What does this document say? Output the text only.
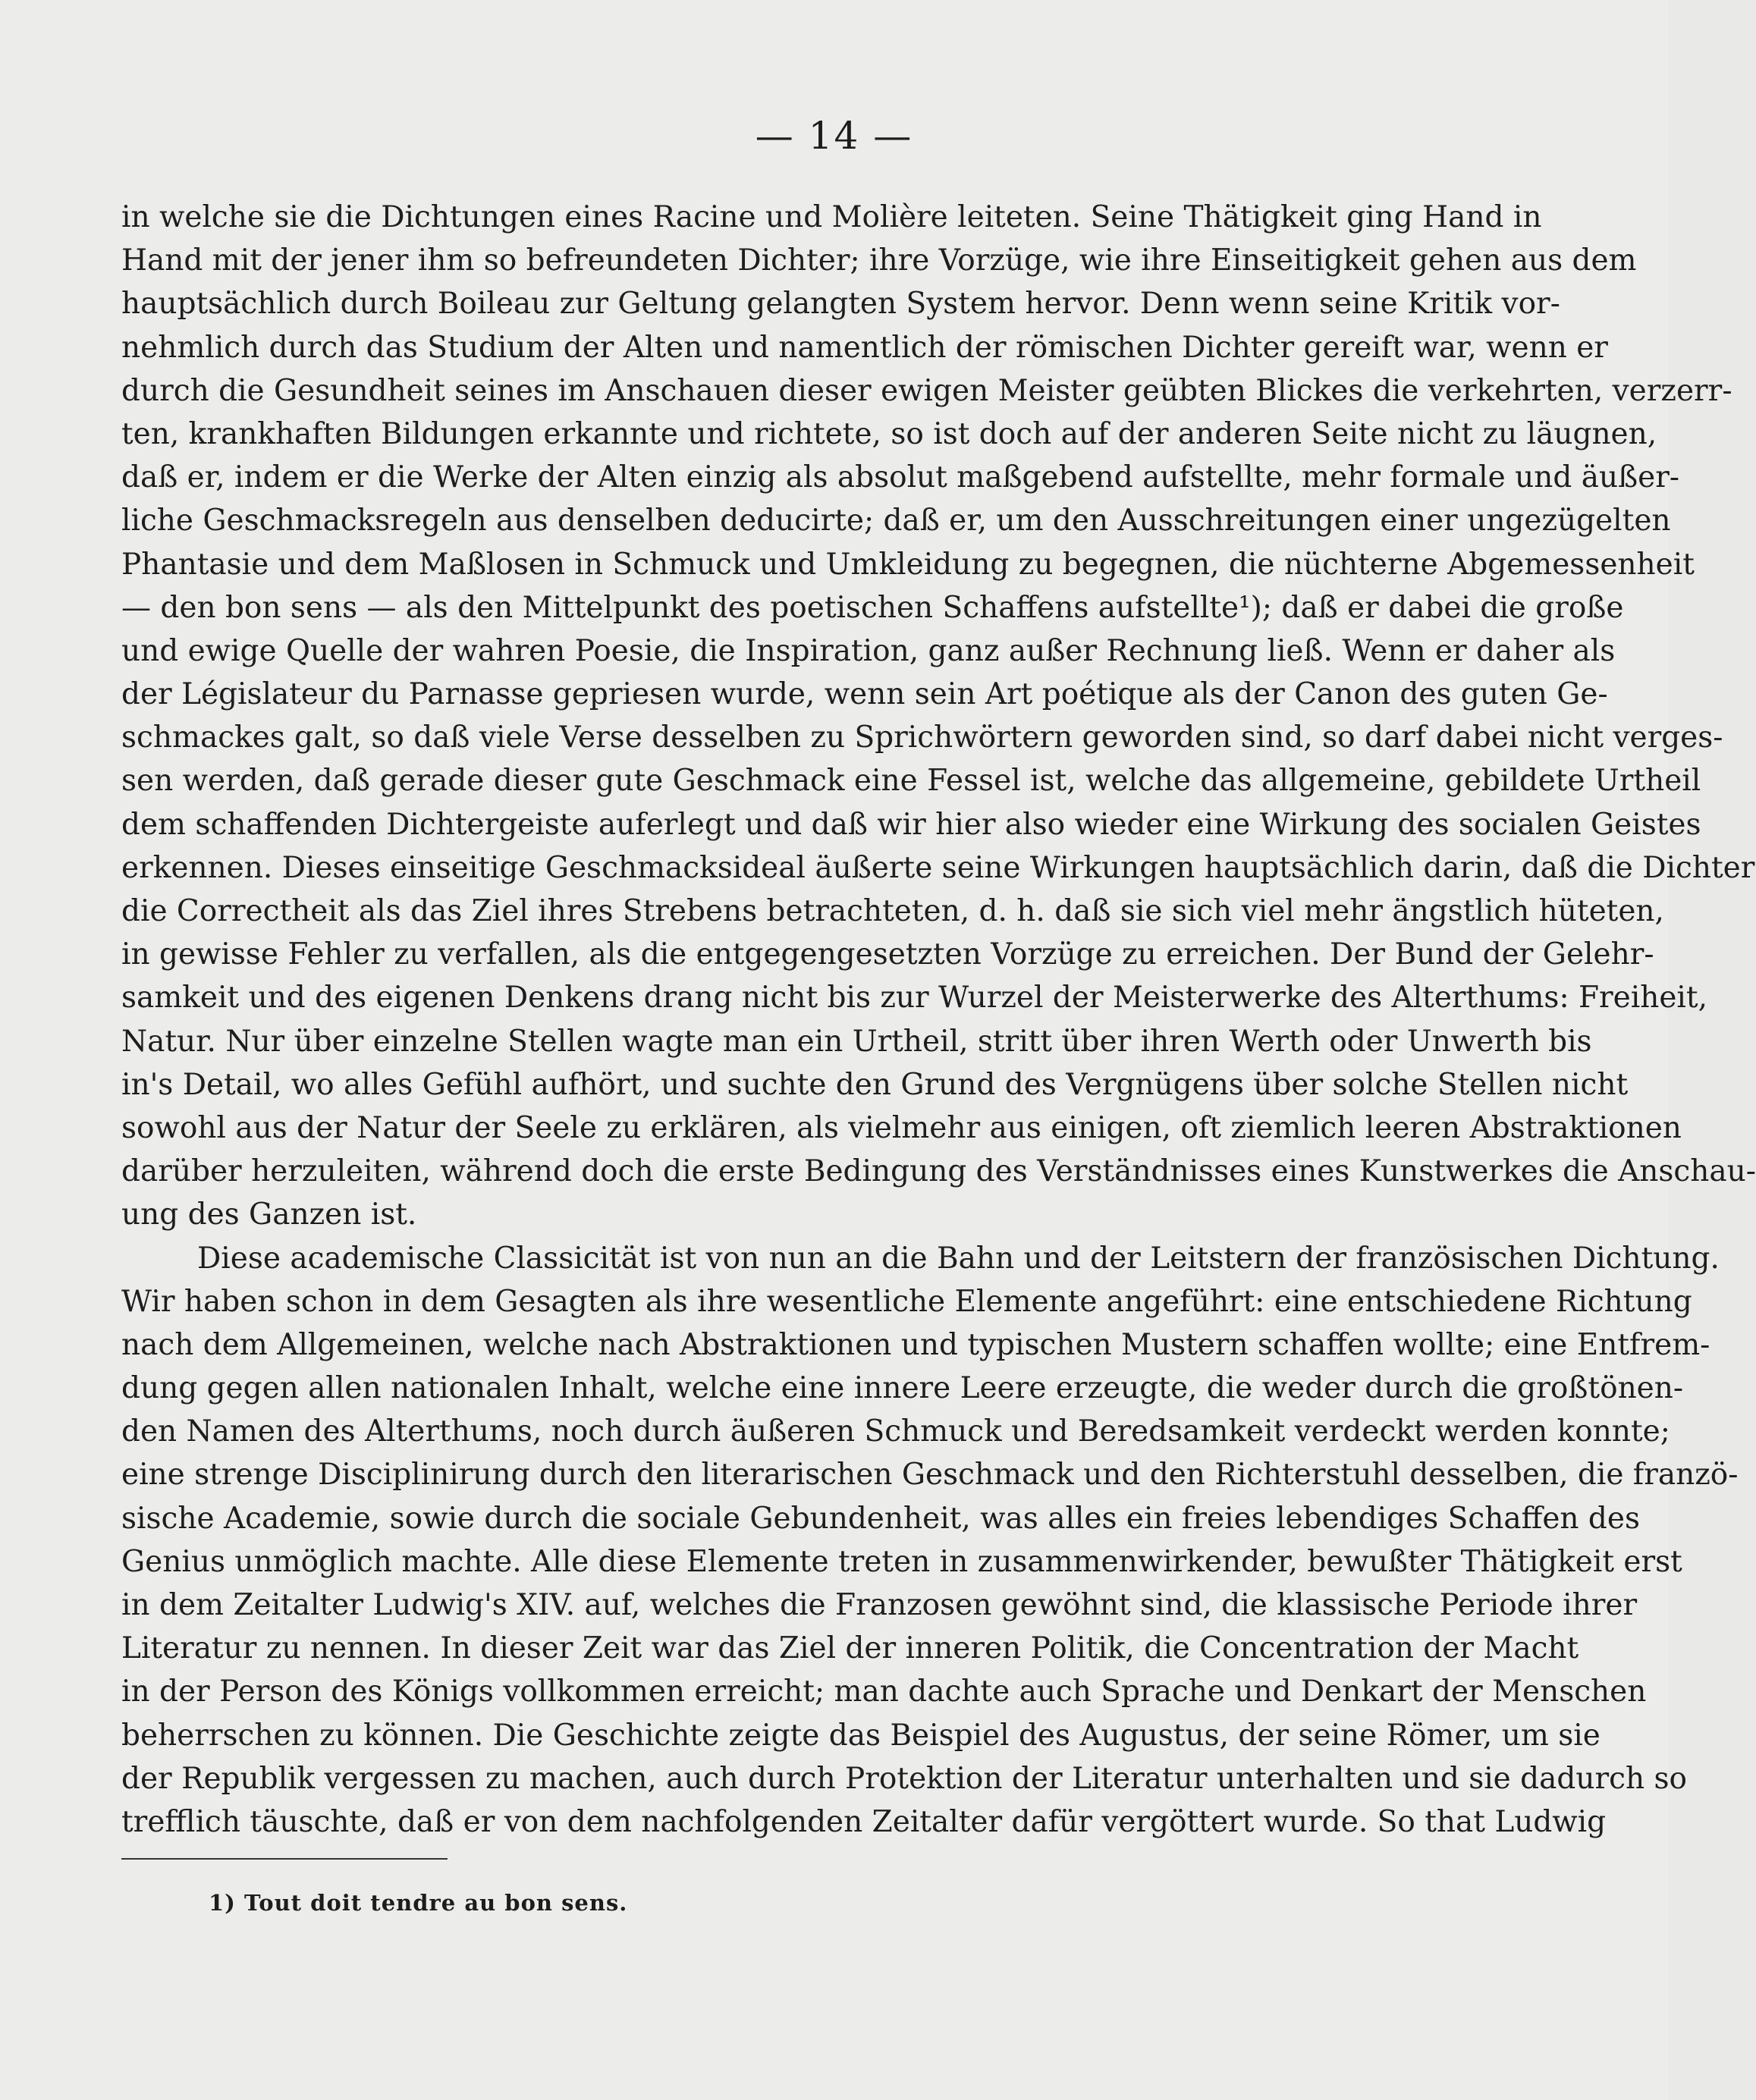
— 14 —
in welche sie die Dichtungen eines Racine und Molière leiteten. Seine Thätigkeit ging Hand in
Hand mit der jener ihm so befreundeten Dichter; ihre Vorzüge, wie ihre Einseitigkeit gehen aus dem
hauptsächlich durch Boileau zur Geltung gelangten System hervor. Denn wenn seine Kritik vor-
nehmlich durch das Studium der Alten und namentlich der römischen Dichter gereift war, wenn er
durch die Gesundheit seines im Anschauen dieser ewigen Meister geübten Blickes die verkehrten, verzerr-
ten, krankhaften Bildungen erkannte und richtete, so ist doch auf der anderen Seite nicht zu läugnen,
daß er, indem er die Werke der Alten einzig als absolut maßgebend aufstellte, mehr formale und äußer-
liche Geschmacksregeln aus denselben deducirte; daß er, um den Ausschreitungen einer ungezügelten
Phantasie und dem Maßlosen in Schmuck und Umkleidung zu begegnen, die nüchterne Abgemessenheit
— den bon sens — als den Mittelpunkt des poetischen Schaffens aufstellte¹); daß er dabei die große
und ewige Quelle der wahren Poesie, die Inspiration, ganz außer Rechnung ließ. Wenn er daher als
der Législateur du Parnasse gepriesen wurde, wenn sein Art poétique als der Canon des guten Ge-
schmackes galt, so daß viele Verse desselben zu Sprichwörtern geworden sind, so darf dabei nicht verges-
sen werden, daß gerade dieser gute Geschmack eine Fessel ist, welche das allgemeine, gebildete Urtheil
dem schaffenden Dichtergeiste auferlegt und daß wir hier also wieder eine Wirkung des socialen Geistes
erkennen. Dieses einseitige Geschmacksideal äußerte seine Wirkungen hauptsächlich darin, daß die Dichter
die Correctheit als das Ziel ihres Strebens betrachteten, d. h. daß sie sich viel mehr ängstlich hüteten,
in gewisse Fehler zu verfallen, als die entgegengesetzten Vorzüge zu erreichen. Der Bund der Gelehr-
samkeit und des eigenen Denkens drang nicht bis zur Wurzel der Meisterwerke des Alterthums: Freiheit,
Natur. Nur über einzelne Stellen wagte man ein Urtheil, stritt über ihren Werth oder Unwerth bis
in's Detail, wo alles Gefühl aufhört, und suchte den Grund des Vergnügens über solche Stellen nicht
sowohl aus der Natur der Seele zu erklären, als vielmehr aus einigen, oft ziemlich leeren Abstraktionen
darüber herzuleiten, während doch die erste Bedingung des Verständnisses eines Kunstwerkes die Anschau-
ung des Ganzen ist.
Diese academische Classicität ist von nun an die Bahn und der Leitstern der französischen Dichtung.
Wir haben schon in dem Gesagten als ihre wesentliche Elemente angeführt: eine entschiedene Richtung
nach dem Allgemeinen, welche nach Abstraktionen und typischen Mustern schaffen wollte; eine Entfrem-
dung gegen allen nationalen Inhalt, welche eine innere Leere erzeugte, die weder durch die großtönen-
den Namen des Alterthums, noch durch äußeren Schmuck und Beredsamkeit verdeckt werden konnte;
eine strenge Disciplinirung durch den literarischen Geschmack und den Richterstuhl desselben, die franzö-
sische Academie, sowie durch die sociale Gebundenheit, was alles ein freies lebendiges Schaffen des
Genius unmöglich machte. Alle diese Elemente treten in zusammenwirkender, bewußter Thätigkeit erst
in dem Zeitalter Ludwig's XIV. auf, welches die Franzosen gewöhnt sind, die klassische Periode ihrer
Literatur zu nennen. In dieser Zeit war das Ziel der inneren Politik, die Concentration der Macht
in der Person des Königs vollkommen erreicht; man dachte auch Sprache und Denkart der Menschen
beherrschen zu können. Die Geschichte zeigte das Beispiel des Augustus, der seine Römer, um sie
der Republik vergessen zu machen, auch durch Protektion der Literatur unterhalten und sie dadurch so
trefflich täuschte, daß er von dem nachfolgenden Zeitalter dafür vergöttert wurde. So that Ludwig
1) Tout doit tendre au bon sens.
